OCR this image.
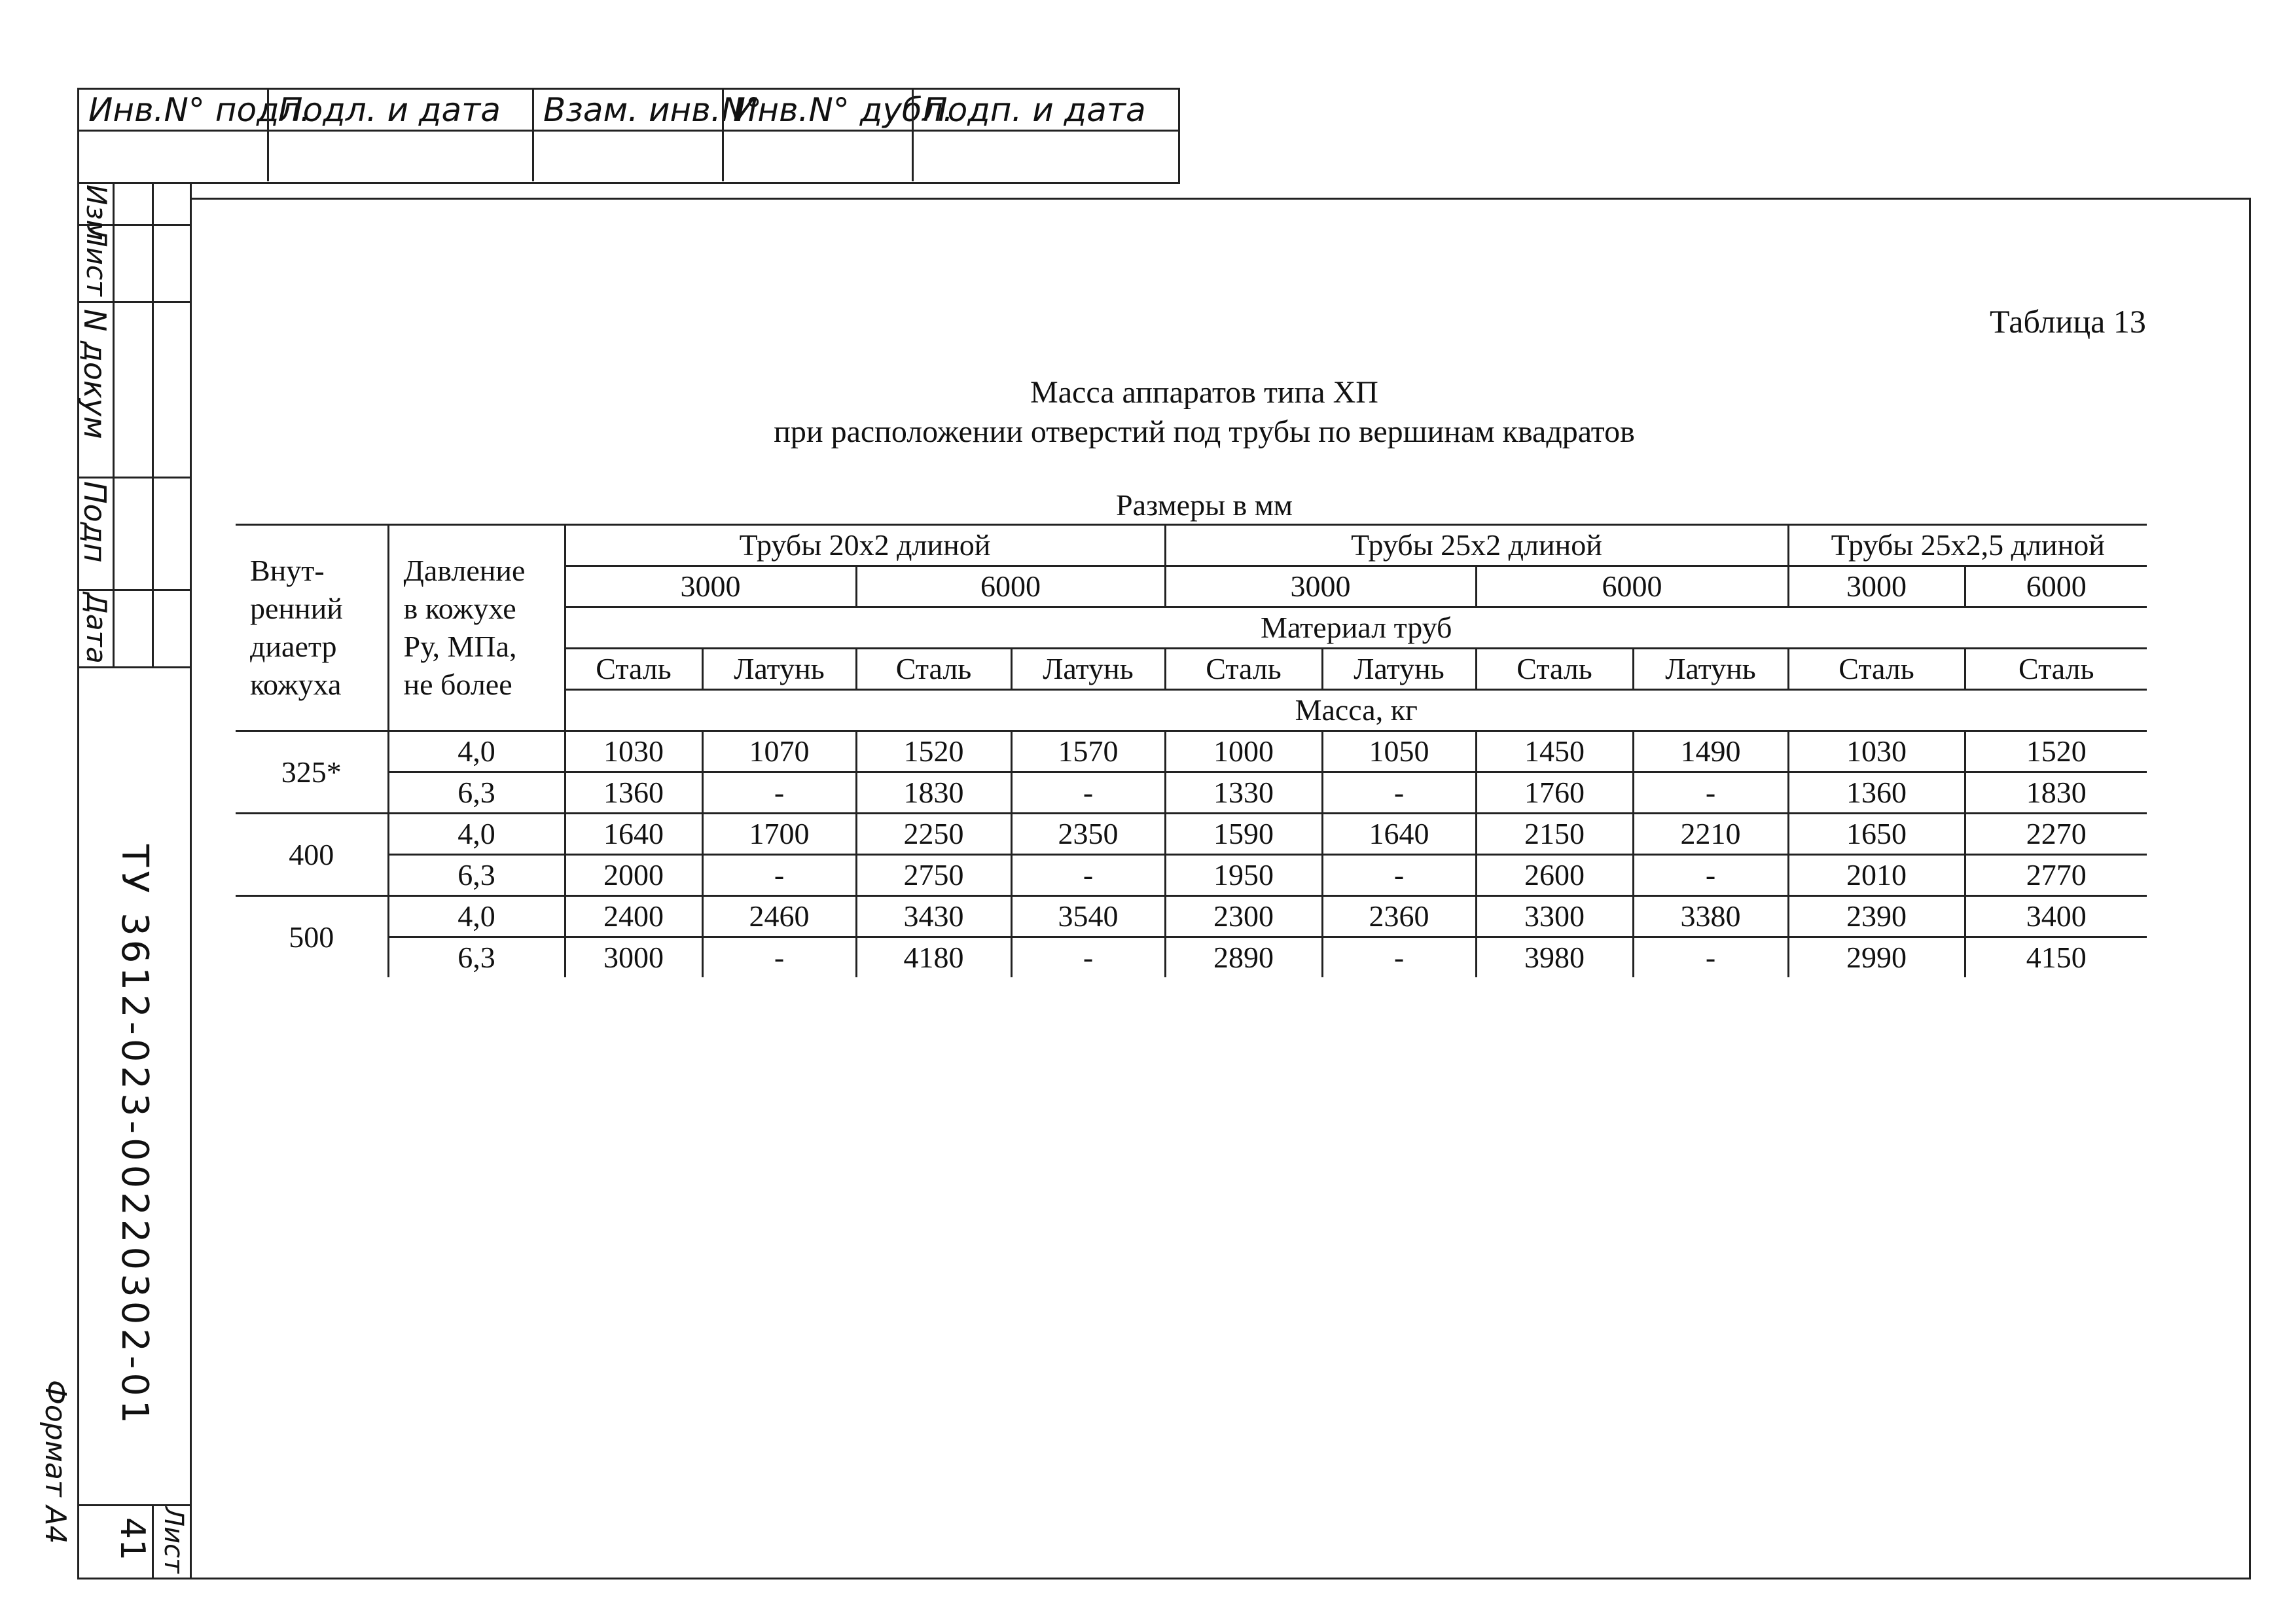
Инв.N° подл.
Подл. и дата Взам. инв.N°
Инв.N° дубл.
Подп. и дата
Изм
Лист
N докум
Подп
Дата
ТУ 3612-023-00220302-01
Лист
41
Формат А4
Таблица 13
Масса аппаратов типа ХП
при расположении отверстий под трубы по вершинам квадратов
Размеры в мм
Внут-
ренний
диаетр
кожуха	Давление
в кожухе
Ру, МПа,
не более	Трубы 20x2 длиной				Трубы 25x2 длиной				Трубы 25x2,5 длиной	
		3000		6000		3000		6000		3000	6000
		Материал труб									
		Сталь	Латунь	Сталь	Латунь	Сталь	Латунь	Сталь	Латунь	Сталь	Сталь
		Масса, кг									
325*	4,0	1030	1070	1520	1570	1000	1050	1450	1490	1030	1520
	6,3	1360	-	1830	-	1330	-	1760	-	1360	1830
400	4,0	1640	1700	2250	2350	1590	1640	2150	2210	1650	2270
	6,3	2000	-	2750	-	1950	-	2600	-	2010	2770
500	4,0	2400	2460	3430	3540	2300	2360	3300	3380	2390	3400
	6,3	3000	-	4180	-	2890	-	3980	-	2990	4150
